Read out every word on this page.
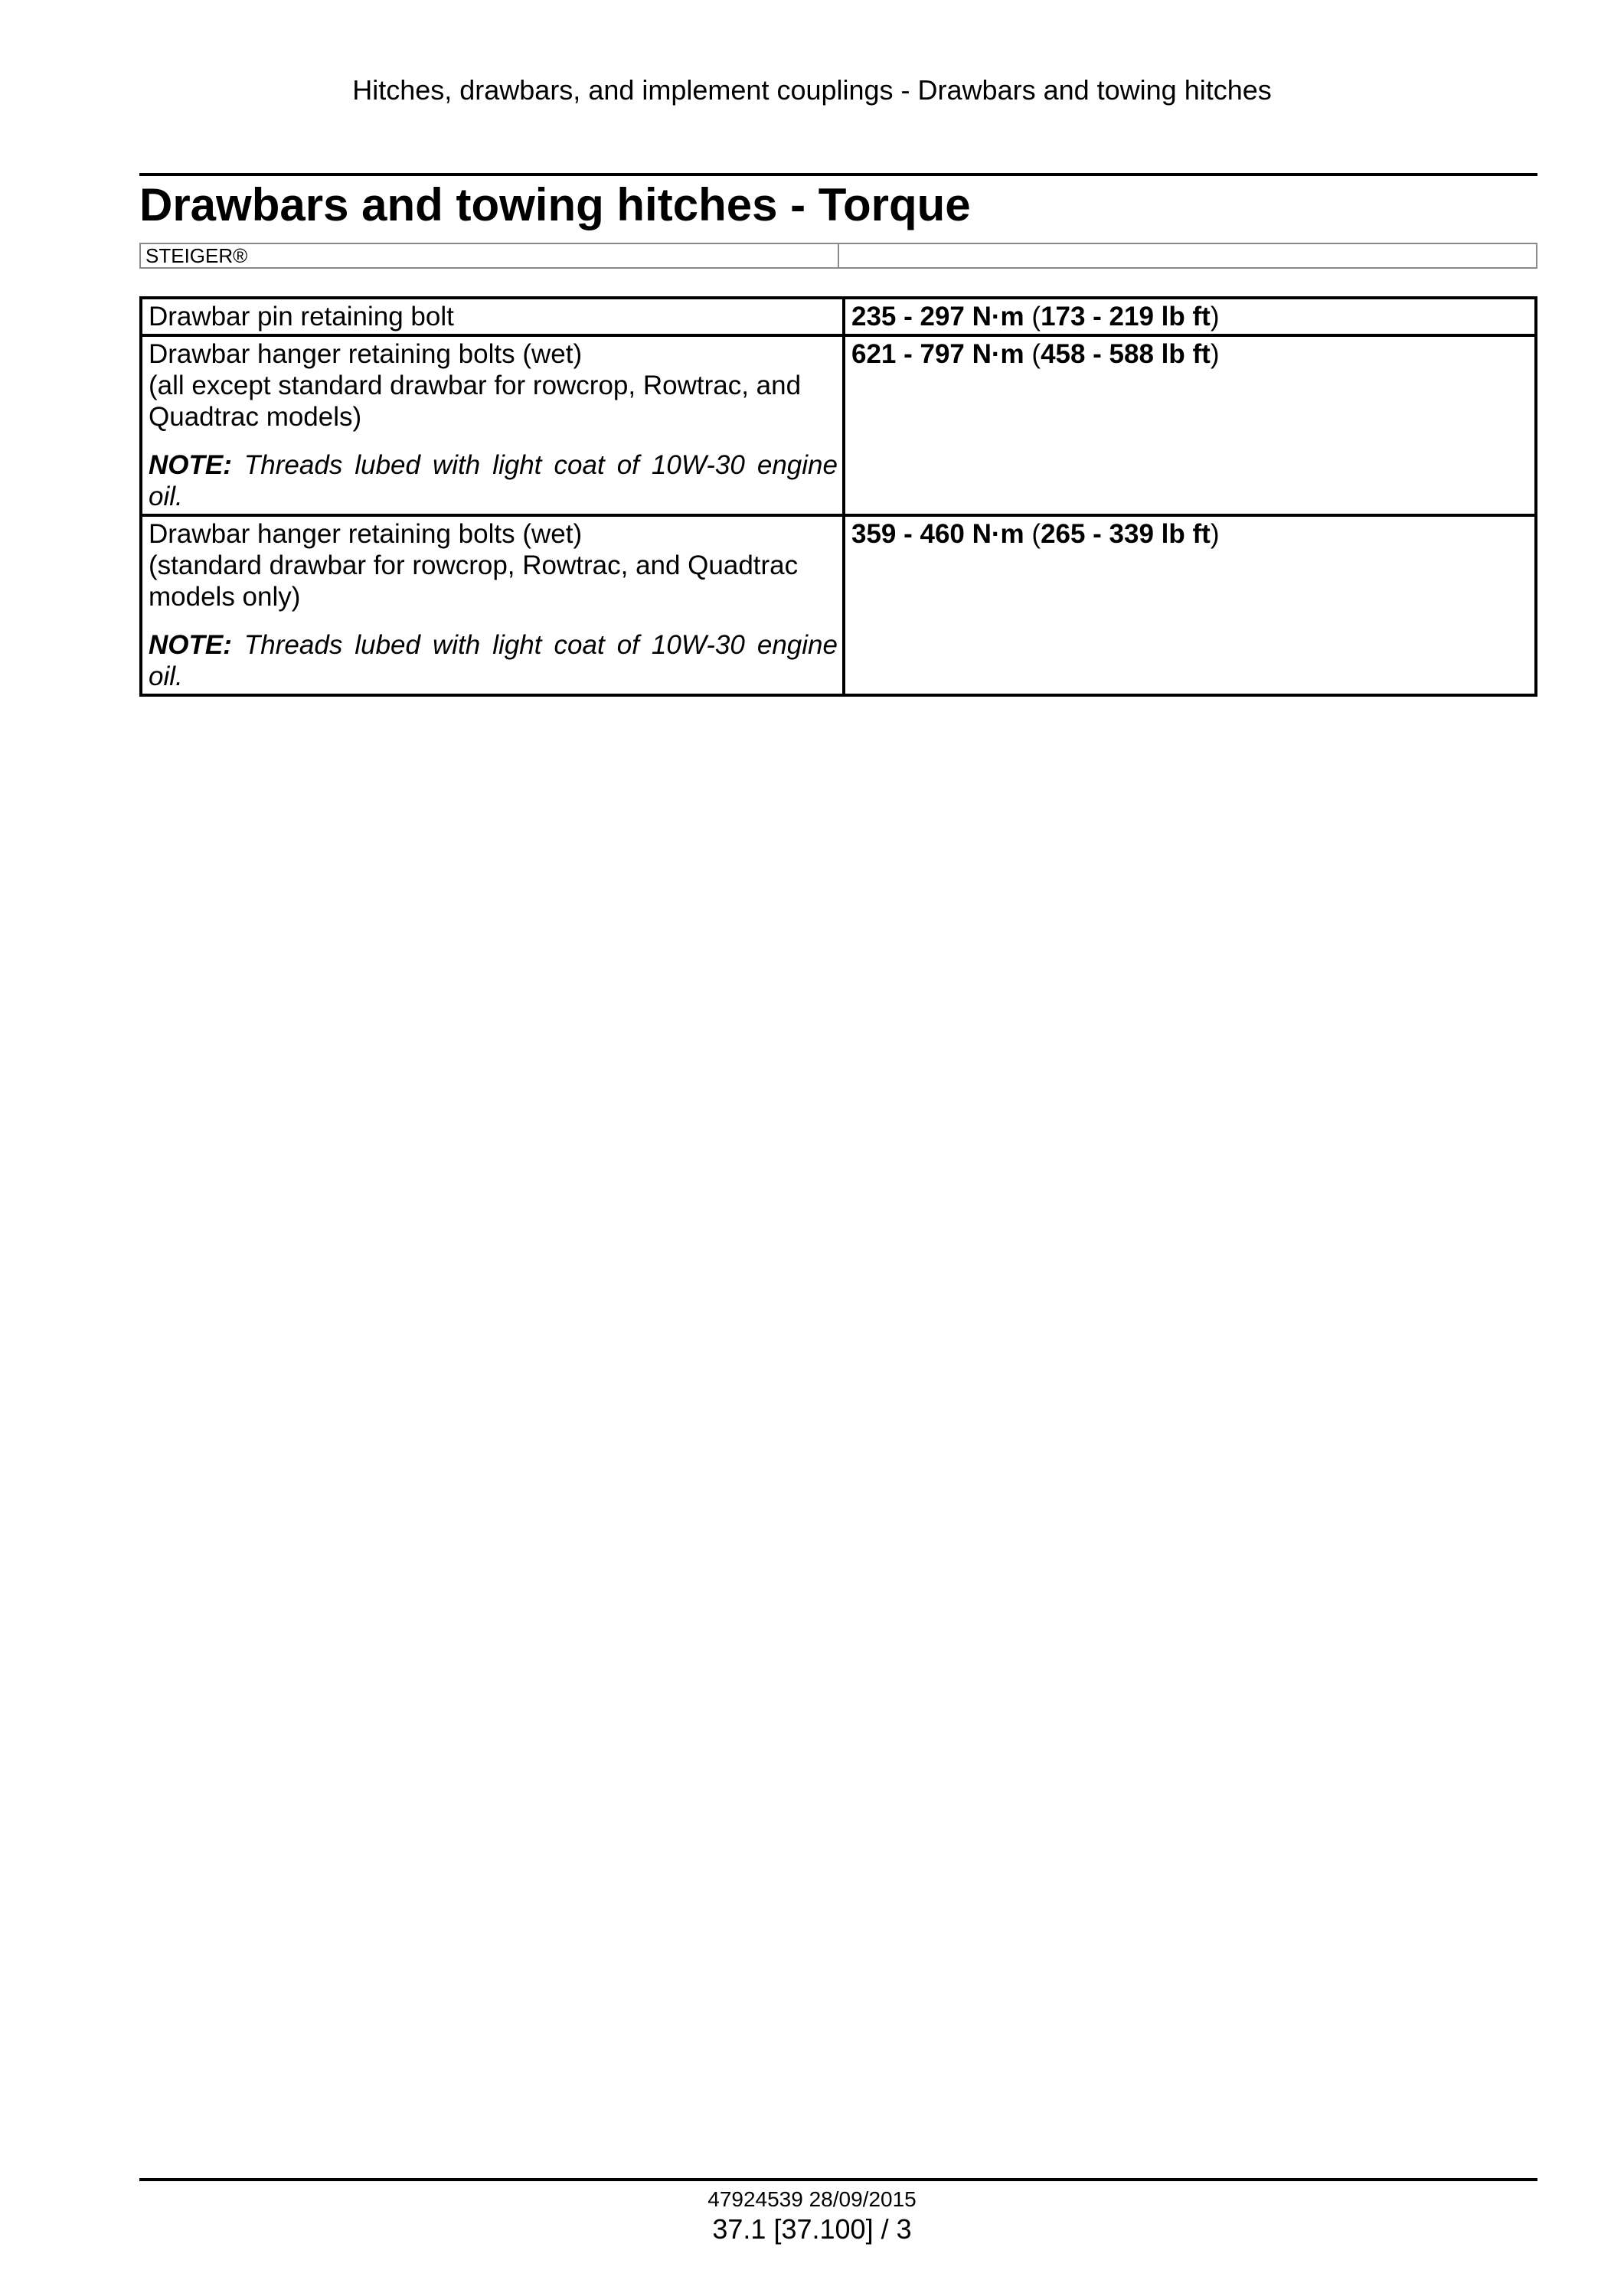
Hitches, drawbars, and implement couplings - Drawbars and towing hitches
Drawbars and towing hitches - Torque
STEIGER®	
Drawbar pin retaining bolt	235 - 297 N·m (173 - 219 lb ft)

Drawbar hanger retaining bolts (wet)
(all except standard drawbar for rowcrop, Rowtrac, and
Quadtrac models)
NOTE: Threads lubed with light coat of 10W-30 engine oil.	621 - 797 N·m (458 - 588 lb ft)

Drawbar hanger retaining bolts (wet)
(standard drawbar for rowcrop, Rowtrac, and Quadtrac
models only)
NOTE: Threads lubed with light coat of 10W-30 engine oil.	359 - 460 N·m (265 - 339 lb ft)
47924539 28/09/2015
37.1 [37.100] / 3
